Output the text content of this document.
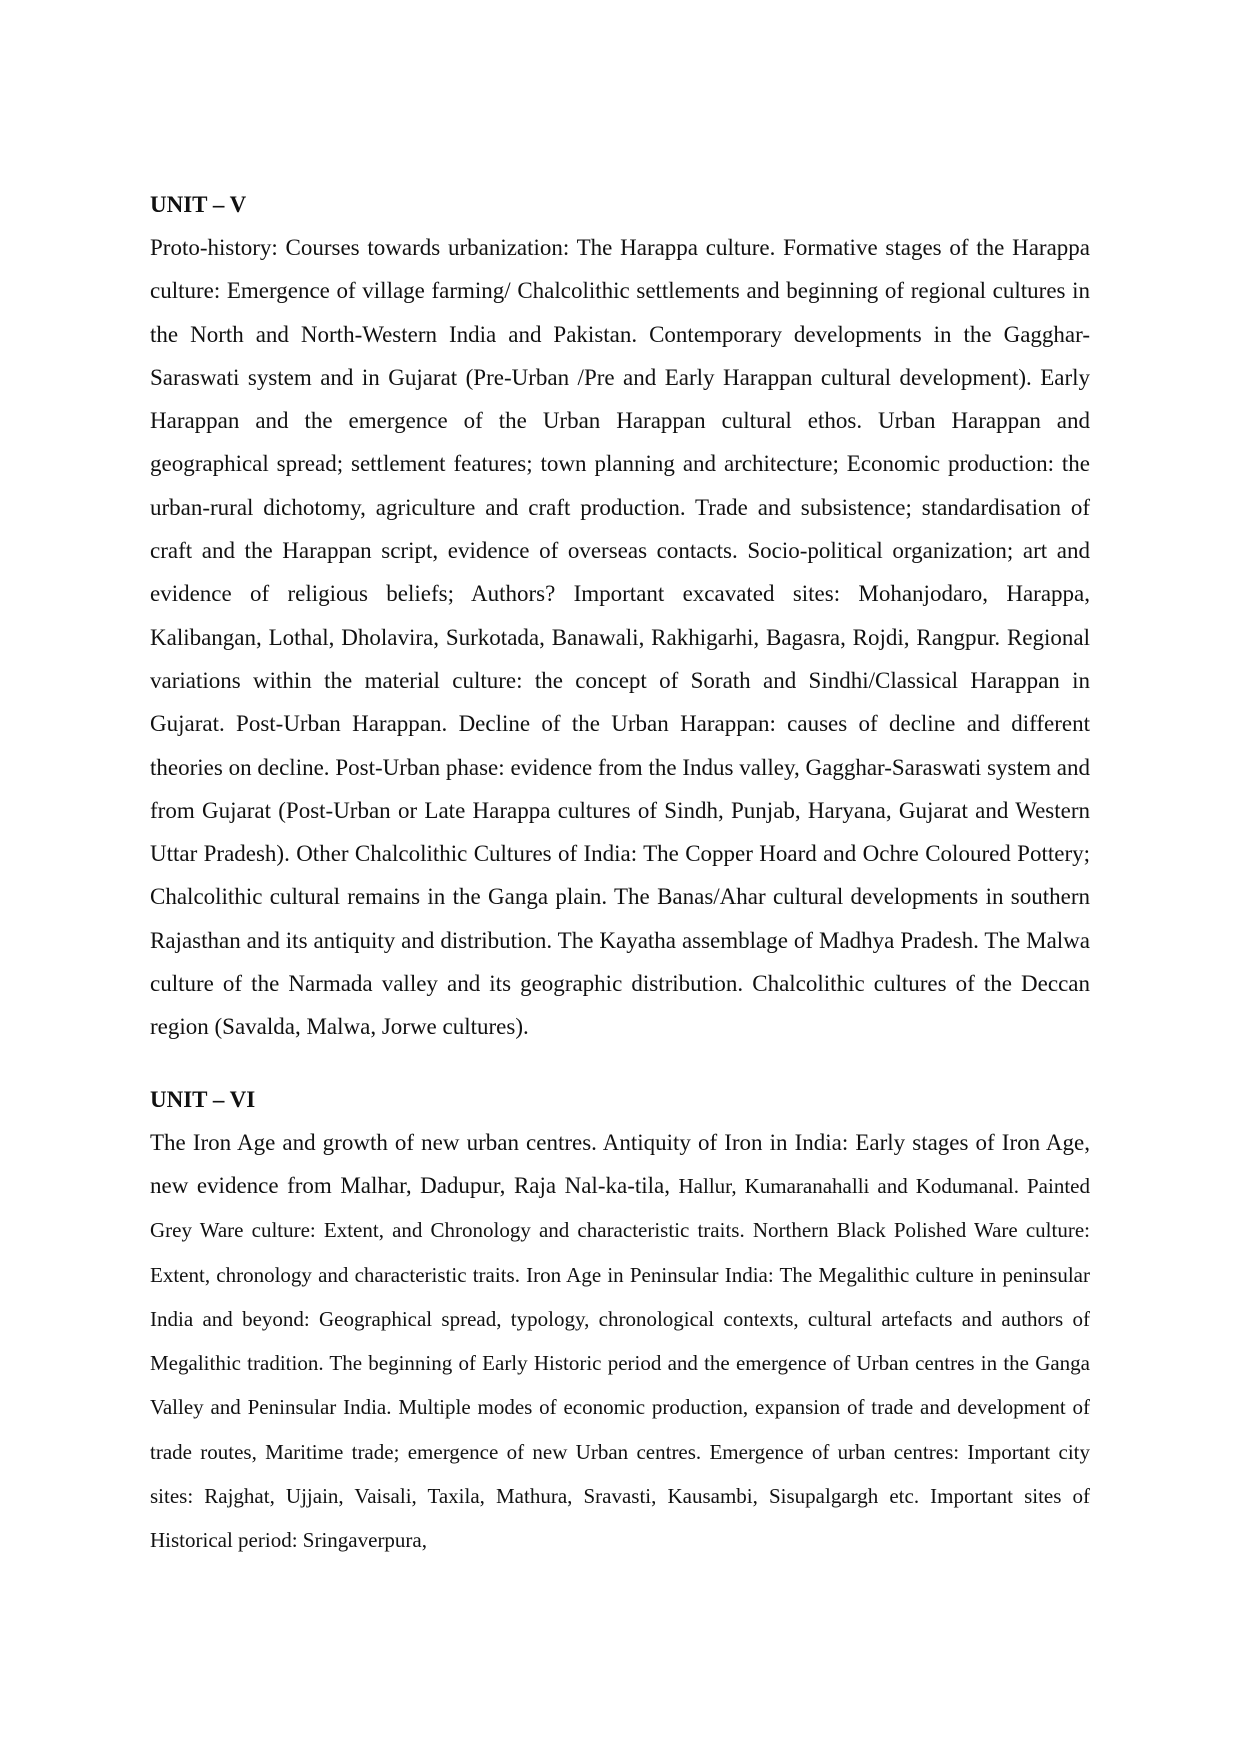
UNIT – V

Proto-history: Courses towards urbanization: The Harappa culture. Formative stages of the Harappa culture: Emergence of village farming/ Chalcolithic settlements and beginning of regional cultures in the North and North-Western India and Pakistan. Contemporary developments in the Gagghar-Saraswati system and in Gujarat (Pre-Urban /Pre and Early Harappan cultural development). Early Harappan and the emergence of the Urban Harappan cultural ethos. Urban Harappan and geographical spread; settlement features; town planning and architecture; Economic production: the urban-rural dichotomy, agriculture and craft production. Trade and subsistence; standardisation of craft and the Harappan script, evidence of overseas contacts. Socio-political organization; art and evidence of religious beliefs; Authors? Important excavated sites: Mohanjodaro, Harappa, Kalibangan, Lothal, Dholavira, Surkotada, Banawali, Rakhigarhi, Bagasra, Rojdi, Rangpur. Regional variations within the material culture: the concept of Sorath and Sindhi/Classical Harappan in Gujarat. Post-Urban Harappan. Decline of the Urban Harappan: causes of decline and different theories on decline. Post-Urban phase: evidence from the Indus valley, Gagghar-Saraswati system and from Gujarat (Post-Urban or Late Harappa cultures of Sindh, Punjab, Haryana, Gujarat and Western Uttar Pradesh). Other Chalcolithic Cultures of India: The Copper Hoard and Ochre Coloured Pottery; Chalcolithic cultural remains in the Ganga plain. The Banas/Ahar cultural developments in southern Rajasthan and its antiquity and distribution. The Kayatha assemblage of Madhya Pradesh. The Malwa culture of the Narmada valley and its geographic distribution. Chalcolithic cultures of the Deccan region (Savalda, Malwa, Jorwe cultures).

UNIT – VI

The Iron Age and growth of new urban centres. Antiquity of Iron in India: Early stages of Iron Age, new evidence from Malhar, Dadupur, Raja Nal-ka-tila, Hallur, Kumaranahalli and Kodumanal. Painted Grey Ware culture: Extent, and Chronology and characteristic traits. Northern Black Polished Ware culture: Extent, chronology and characteristic traits. Iron Age in Peninsular India: The Megalithic culture in peninsular India and beyond: Geographical spread, typology, chronological contexts, cultural artefacts and authors of Megalithic tradition. The beginning of Early Historic period and the emergence of Urban centres in the Ganga Valley and Peninsular India. Multiple modes of economic production, expansion of trade and development of trade routes, Maritime trade; emergence of new Urban centres. Emergence of urban centres: Important city sites: Rajghat, Ujjain, Vaisali, Taxila, Mathura, Sravasti, Kausambi, Sisupalgargh etc. Important sites of Historical period: Sringaverpura,
